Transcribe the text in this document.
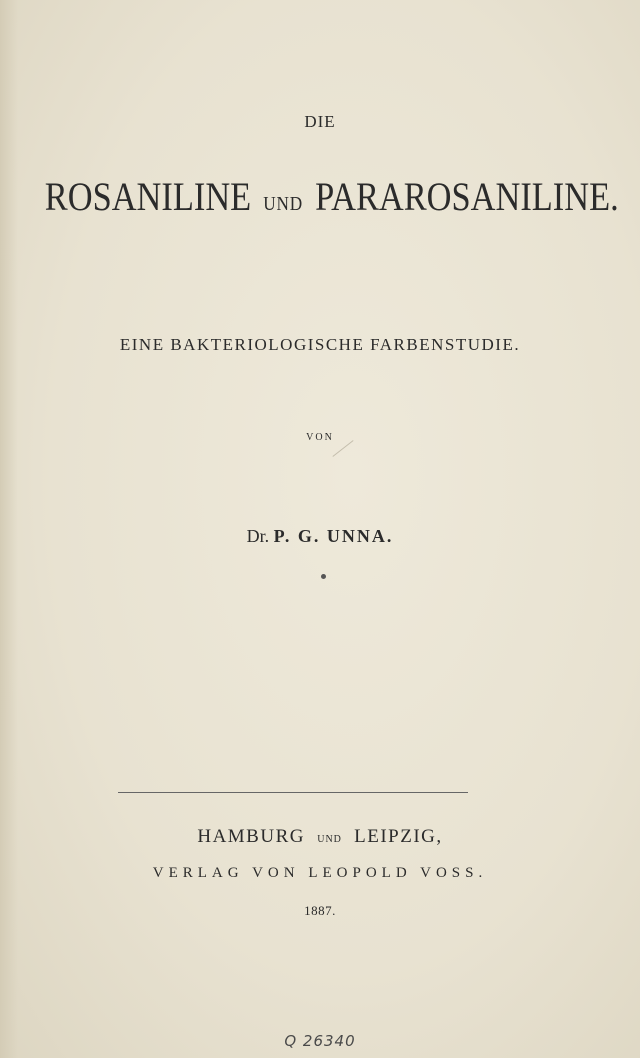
DIE
ROSANILINE UND PARAROSANILINE.
EINE BAKTERIOLOGISCHE FARBENSTUDIE.
VON
Dr. P. G. UNNA.
HAMBURG UND LEIPZIG,
VERLAG VON LEOPOLD VOSS.
1887.
Q 26340
